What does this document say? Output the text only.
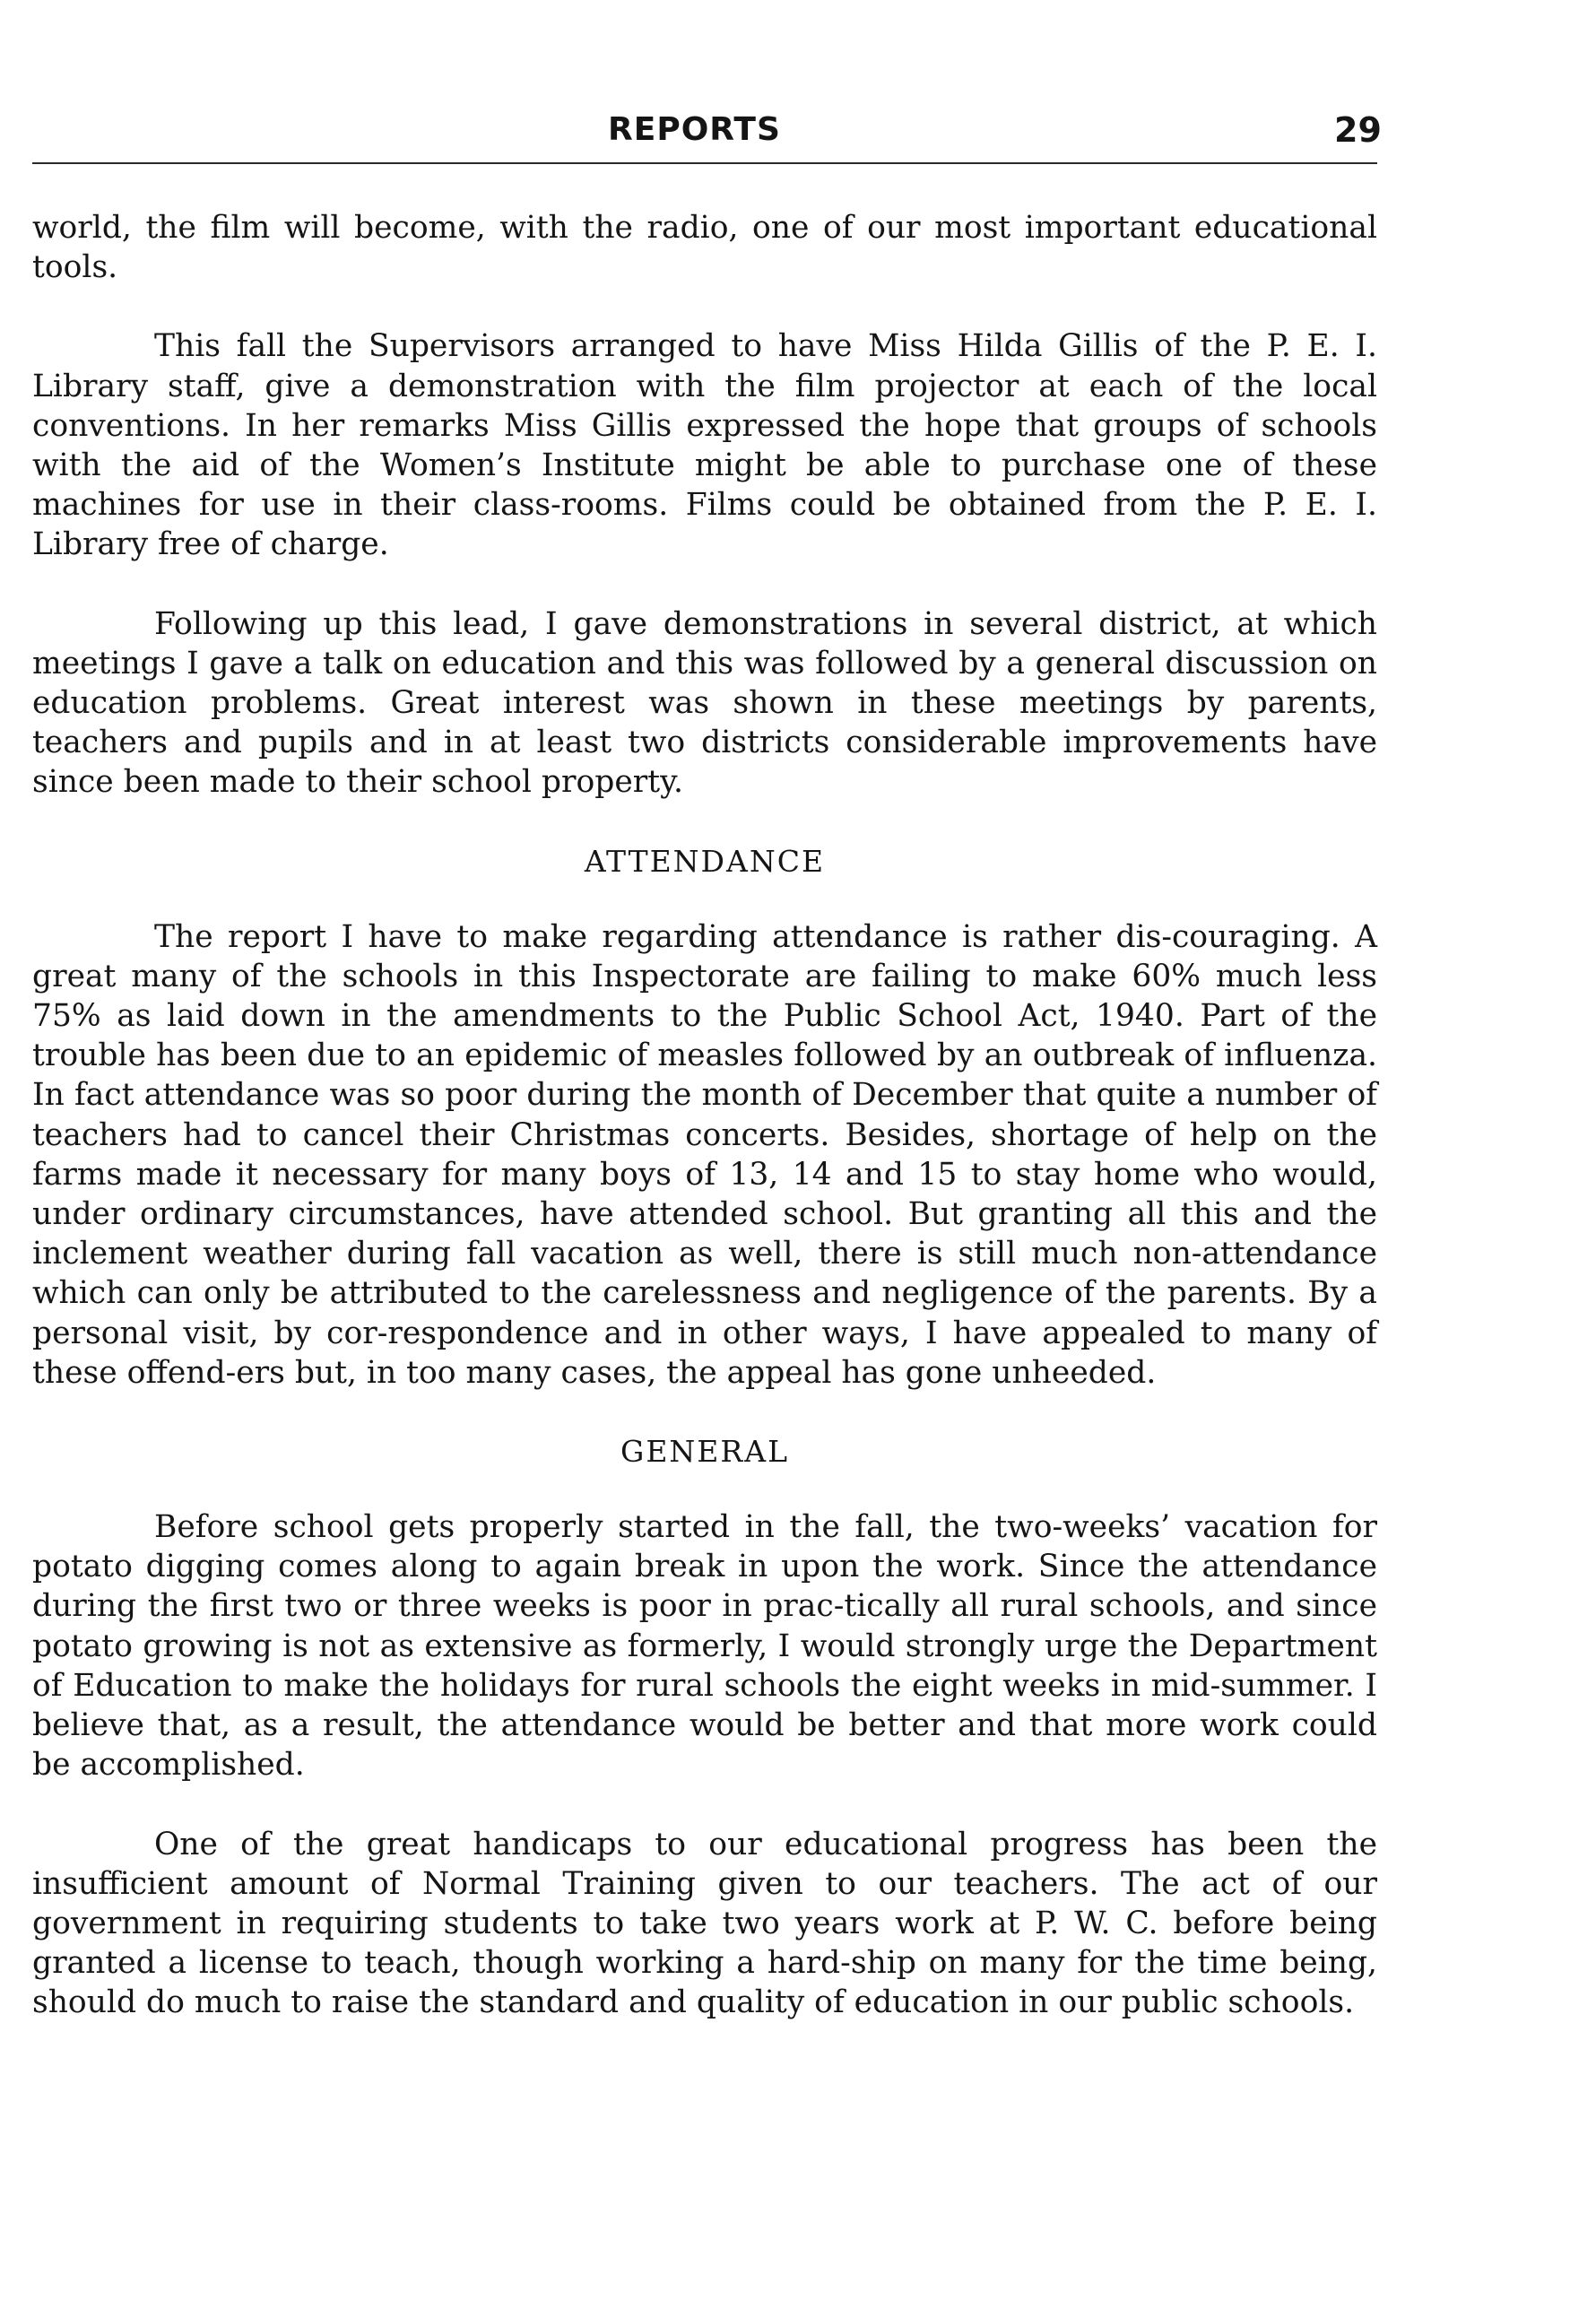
REPORTS	29

world, the film will become, with the radio, one of our most important educational tools.

This fall the Supervisors arranged to have Miss Hilda Gillis of the P. E. I. Library staff, give a demonstration with the film projector at each of the local conventions. In her remarks Miss Gillis expressed the hope that groups of schools with the aid of the Women’s Institute might be able to purchase one of these machines for use in their class-rooms. Films could be obtained from the P. E. I. Library free of charge.

Following up this lead, I gave demonstrations in several district, at which meetings I gave a talk on education and this was followed by a general discussion on education problems. Great interest was shown in these meetings by parents, teachers and pupils and in at least two districts considerable improvements have since been made to their school property.

ATTENDANCE

The report I have to make regarding attendance is rather dis-couraging. A great many of the schools in this Inspectorate are failing to make 60% much less 75% as laid down in the amendments to the Public School Act, 1940. Part of the trouble has been due to an epidemic of measles followed by an outbreak of influenza. In fact attendance was so poor during the month of December that quite a number of teachers had to cancel their Christmas concerts. Besides, shortage of help on the farms made it necessary for many boys of 13, 14 and 15 to stay home who would, under ordinary circumstances, have attended school. But granting all this and the inclement weather during fall vacation as well, there is still much non-attendance which can only be attributed to the carelessness and negligence of the parents. By a personal visit, by cor-respondence and in other ways, I have appealed to many of these offend-ers but, in too many cases, the appeal has gone unheeded.

GENERAL

Before school gets properly started in the fall, the two-weeks’ vacation for potato digging comes along to again break in upon the work. Since the attendance during the first two or three weeks is poor in prac-tically all rural schools, and since potato growing is not as extensive as formerly, I would strongly urge the Department of Education to make the holidays for rural schools the eight weeks in mid-summer. I believe that, as a result, the attendance would be better and that more work could be accomplished.

One of the great handicaps to our educational progress has been the insufficient amount of Normal Training given to our teachers. The act of our government in requiring students to take two years work at P. W. C. before being granted a license to teach, though working a hard-ship on many for the time being, should do much to raise the standard and quality of education in our public schools.
